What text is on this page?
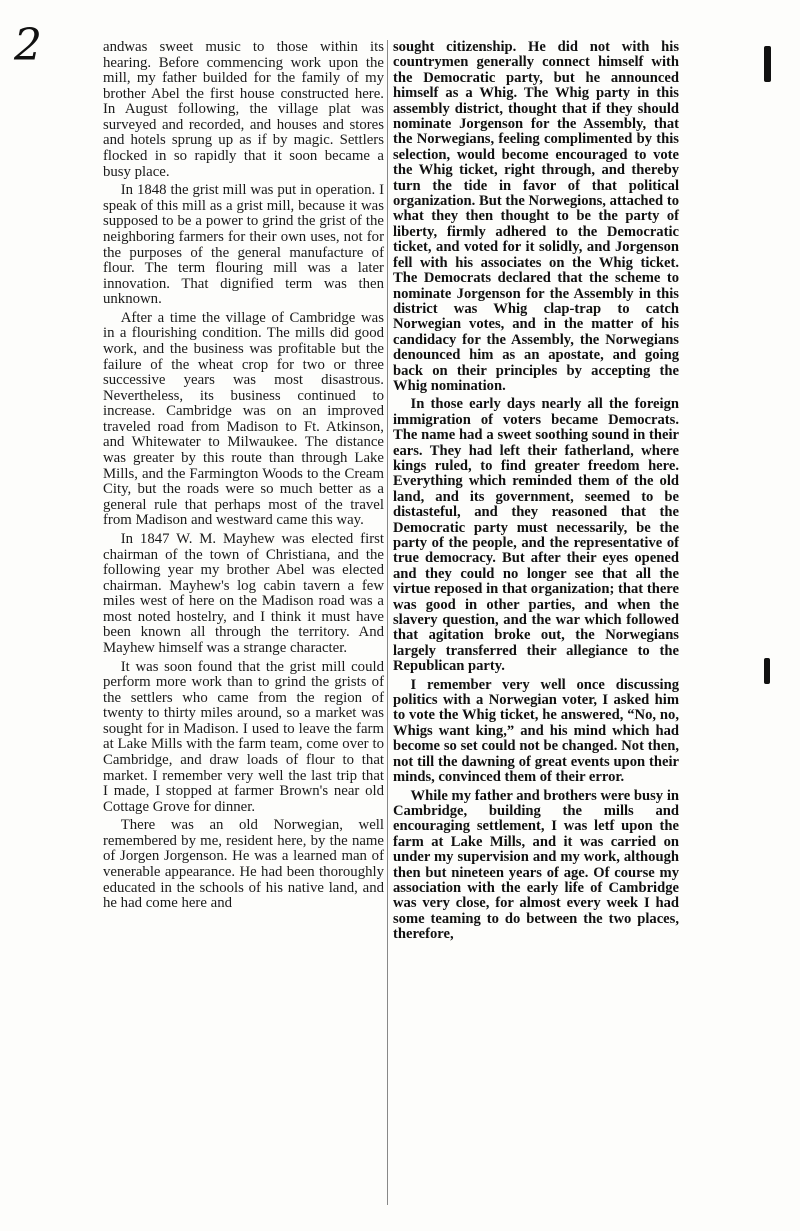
2	andwas sweet music to those within its hearing. Before commencing work upon the mill, my father builded for the family of my brother Abel the first house constructed here. In August following, the village plat was surveyed and recorded, and houses and stores and hotels sprung up as if by magic. Settlers flocked in so rapidly that it soon became a busy place.

In 1848 the grist mill was put in operation. I speak of this mill as a grist mill, because it was supposed to be a power to grind the grist of the neighboring farmers for their own uses, not for the purposes of the general manufacture of flour. The term flouring mill was a later innovation. That dignified term was then unknown.

After a time the village of Cambridge was in a flourishing condition. The mills did good work, and the business was profitable but the failure of the wheat crop for two or three successive years was most disastrous. Nevertheless, its business continued to increase. Cambridge was on an improved traveled road from Madison to Ft. Atkinson, and Whitewater to Milwaukee. The distance was greater by this route than through Lake Mills, and the Farmington Woods to the Cream City, but the roads were so much better as a general rule that perhaps most of the travel from Madison and westward came this way.

In 1847 W. M. Mayhew was elected first chairman of the town of Christiana, and the following year my brother Abel was elected chairman. Mayhew's log cabin tavern a few miles west of here on the Madison road was a most noted hostelry, and I think it must have been known all through the territory. And Mayhew himself was a strange character.

It was soon found that the grist mill could perform more work than to grind the grists of the settlers who came from the region of twenty to thirty miles around, so a market was sought for in Madison. I used to leave the farm at Lake Mills with the farm team, come over to Cambridge, and draw loads of flour to that market. I remember very well the last trip that I made, I stopped at farmer Brown's near old Cottage Grove for dinner.

There was an old Norwegian, well remembered by me, resident here, by the name of Jorgen Jorgenson. He was a learned man of venerable appearance. He had been thoroughly educated in the schools of his native land, and he had come here and

sought citizenship. He did not with his countrymen generally connect himself with the Democratic party, but he announced himself as a Whig. The Whig party in this assembly district, thought that if they should nominate Jorgenson for the Assembly, that the Norwegians, feeling complimented by this selection, would become encouraged to vote the Whig ticket, right through, and thereby turn the tide in favor of that political organization. But the Norwegions, attached to what they then thought to be the party of liberty, firmly adhered to the Democratic ticket, and voted for it solidly, and Jorgenson fell with his associates on the Whig ticket. The Democrats declared that the scheme to nominate Jorgenson for the Assembly in this district was Whig clap-trap to catch Norwegian votes, and in the matter of his candidacy for the Assembly, the Norwegians denounced him as an apostate, and going back on their principles by accepting the Whig nomination.

In those early days nearly all the foreign immigration of voters became Democrats. The name had a sweet soothing sound in their ears. They had left their fatherland, where kings ruled, to find greater freedom here. Everything which reminded them of the old land, and its government, seemed to be distasteful, and they reasoned that the Democratic party must necessarily, be the party of the people, and the representative of true democracy. But after their eyes opened and they could no longer see that all the virtue reposed in that organization; that there was good in other parties, and when the slavery question, and the war which followed that agitation broke out, the Norwegians largely transferred their allegiance to the Republican party.

I remember very well once discussing politics with a Norwegian voter, I asked him to vote the Whig ticket, he answered, “No, no, Whigs want king,” and his mind which had become so set could not be changed. Not then, not till the dawning of great events upon their minds, convinced them of their error.

While my father and brothers were busy in Cambridge, building the mills and encouraging settlement, I was letf upon the farm at Lake Mills, and it was carried on under my supervision and my work, although then but nineteen years of age. Of course my association with the early life of Cambridge was very close, for almost every week I had some teaming to do between the two places, therefore,
